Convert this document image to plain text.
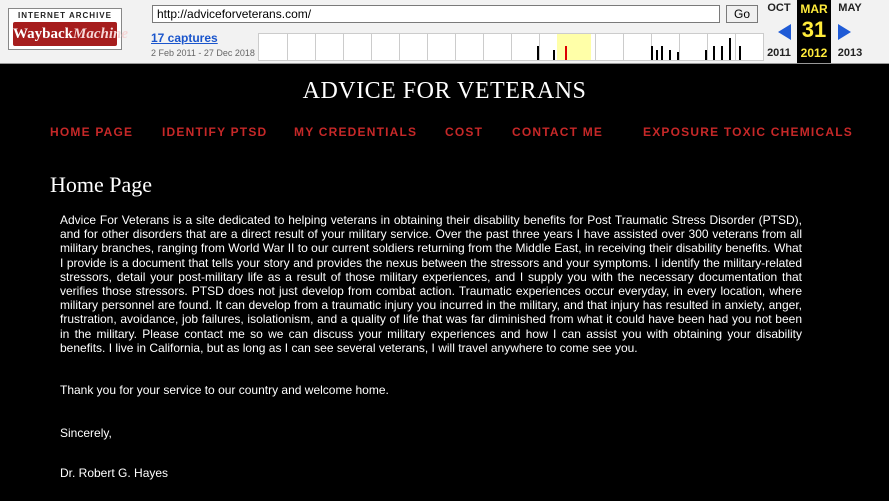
INTERNET ARCHIVE
WaybackMachine
http://adviceforveterans.com/	Go
17 captures
2 Feb 2011 - 27 Dec 2018
OCT
2011
MAR
31
2012
MAY
2013
ADVICE FOR VETERANS
HOME PAGE IDENTIFY PTSD MY CREDENTIALS COST CONTACT ME	EXPOSURE TOXIC CHEMICALS
Home Page
Advice For Veterans is a site dedicated to helping veterans in obtaining their disability benefits for Post Traumatic Stress Disorder (PTSD), and for other disorders that are a direct result of your military service. Over the past three years I have assisted over 300 veterans from all military branches, ranging from World War II to our current soldiers returning from the Middle East, in receiving their disability benefits. What I provide is a document that tells your story and provides the nexus between the stressors and your symptoms. I identify the military-related stressors, detail your post-military life as a result of those military experiences, and I supply you with the necessary documentation that verifies those stressors. PTSD does not just develop from combat action. Traumatic experiences occur everyday, in every location, where military personnel are found. It can develop from a traumatic injury you incurred in the military, and that injury has resulted in anxiety, anger, frustration, avoidance, job failures, isolationism, and a quality of life that was far diminished from what it could have been had you not been in the military. Please contact me so we can discuss your military experiences and how I can assist you with obtaining your disability benefits. I live in California, but as long as I can see several veterans, I will travel anywhere to come see you.
Thank you for your service to our country and welcome home.
Sincerely,
Dr. Robert G. Hayes
